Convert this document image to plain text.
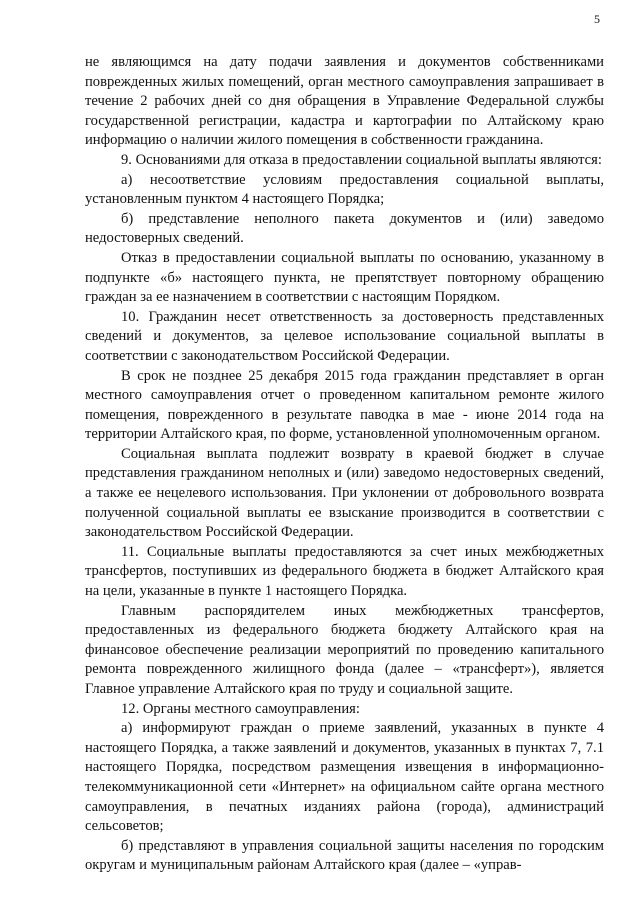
5

не являющимся на дату подачи заявления и документов собственниками поврежденных жилых помещений, орган местного самоуправления запрашивает в течение 2 рабочих дней со дня обращения в Управление Федеральной службы государственной регистрации, кадастра и картографии по Алтайскому краю информацию о наличии жилого помещения в собственности гражданина.

9. Основаниями для отказа в предоставлении социальной выплаты являются:

а) несоответствие условиям предоставления социальной выплаты, установленным пунктом 4 настоящего Порядка;

б) представление неполного пакета документов и (или) заведомо недостоверных сведений.

Отказ в предоставлении социальной выплаты по основанию, указанному в подпункте «б» настоящего пункта, не препятствует повторному обращению граждан за ее назначением в соответствии с настоящим Порядком.

10. Гражданин несет ответственность за достоверность представленных сведений и документов, за целевое использование социальной выплаты в соответствии с законодательством Российской Федерации.

В срок не позднее 25 декабря 2015 года гражданин представляет в орган местного самоуправления отчет о проведенном капитальном ремонте жилого помещения, поврежденного в результате паводка в мае - июне 2014 года на территории Алтайского края, по форме, установленной уполномоченным органом.

Социальная выплата подлежит возврату в краевой бюджет в случае представления гражданином неполных и (или) заведомо недостоверных сведений, а также ее нецелевого использования. При уклонении от добровольного возврата полученной социальной выплаты ее взыскание производится в соответствии с законодательством Российской Федерации.

11. Социальные выплаты предоставляются за счет иных межбюджетных трансфертов, поступивших из федерального бюджета в бюджет Алтайского края на цели, указанные в пункте 1 настоящего Порядка.

Главным распорядителем иных межбюджетных трансфертов, предоставленных из федерального бюджета бюджету Алтайского края на финансовое обеспечение реализации мероприятий по проведению капитального ремонта поврежденного жилищного фонда (далее – «трансферт»), является Главное управление Алтайского края по труду и социальной защите.

12. Органы местного самоуправления:

а) информируют граждан о приеме заявлений, указанных в пункте 4 настоящего Порядка, а также заявлений и документов, указанных в пунктах 7, 7.1 настоящего Порядка, посредством размещения извещения в информационно-телекоммуникационной сети «Интернет» на официальном сайте органа местного самоуправления, в печатных изданиях района (города), администраций сельсоветов;

б) представляют в управления социальной защиты населения по городским округам и муниципальным районам Алтайского края (далее – «управ-
